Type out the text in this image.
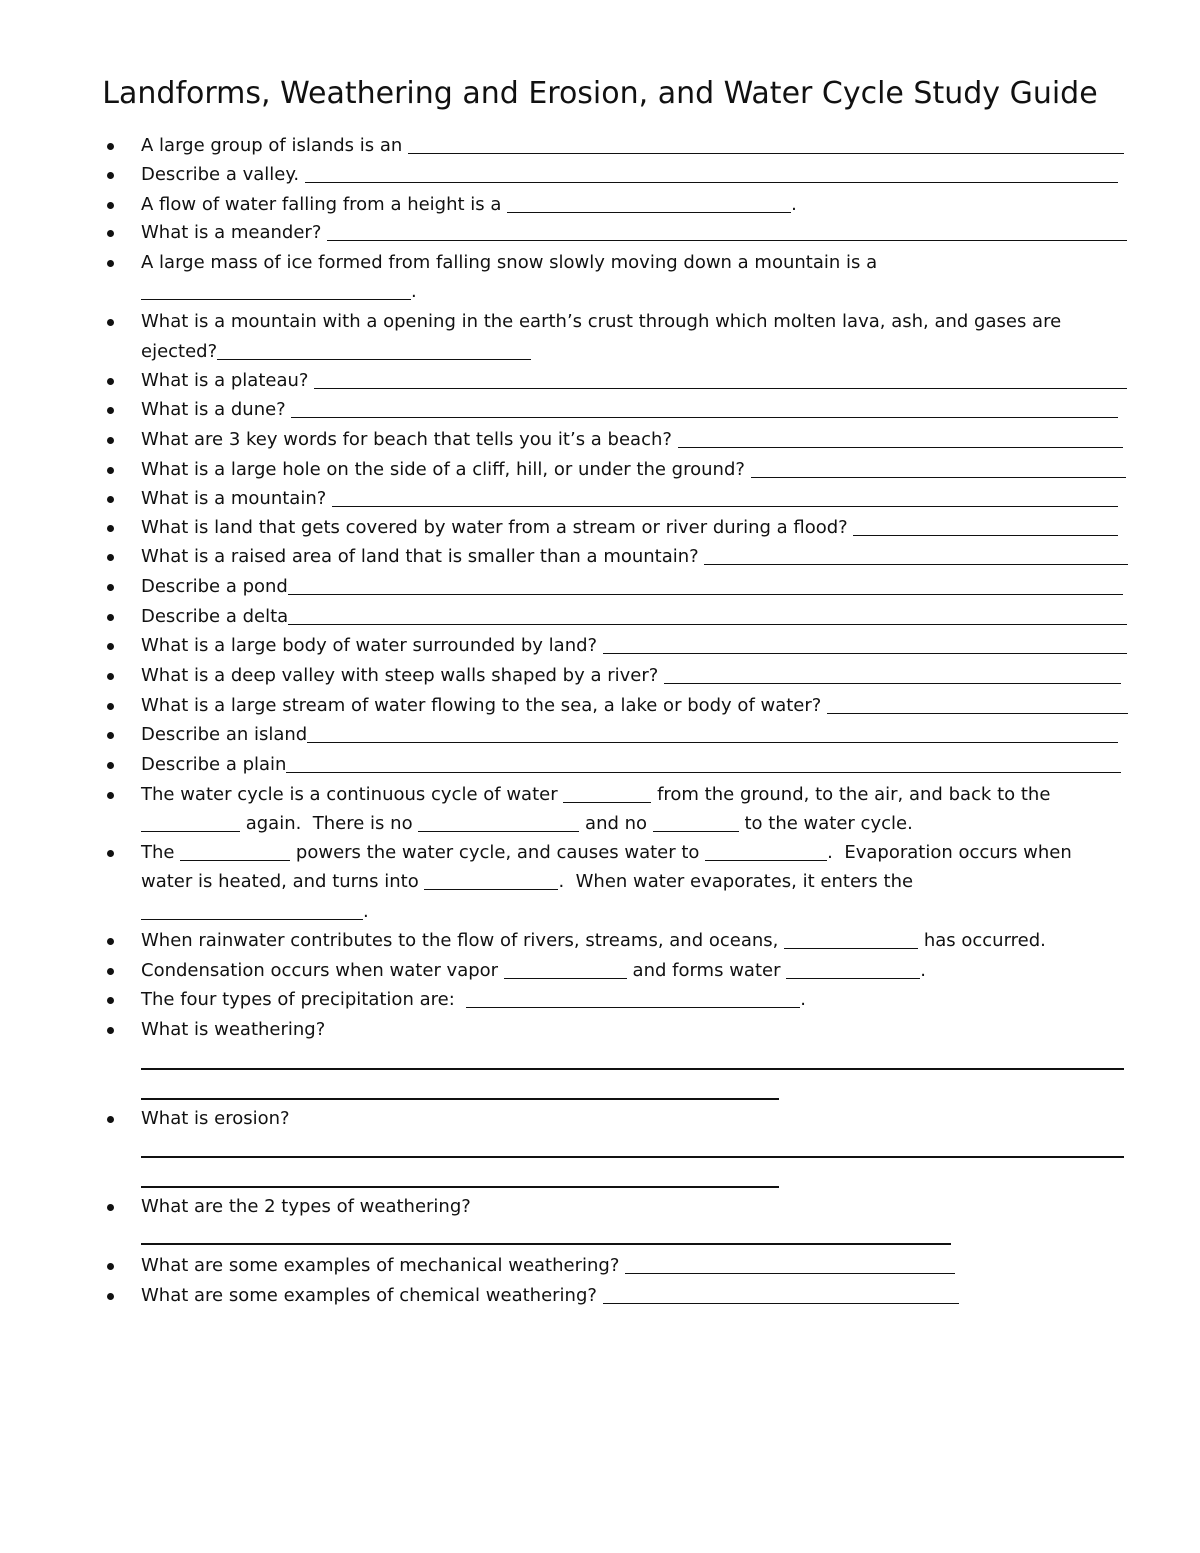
Landforms, Weathering and Erosion, and Water Cycle Study Guide
A large group of islands is an
Describe a valley.
A flow of water falling from a height is a	.
What is a meander?
A large mass of ice formed from falling snow slowly moving down a mountain is a
.
What is a mountain with a opening in the earth’s crust through which molten lava, ash, and gases are
ejected?
What is a plateau?
What is a dune?
What are 3 key words for beach that tells you it’s a beach?
What is a large hole on the side of a cliff, hill, or under the ground?
What is a mountain?
What is land that gets covered by water from a stream or river during a flood?
What is a raised area of land that is smaller than a mountain?
Describe a pond
Describe a delta
What is a large body of water surrounded by land?
What is a deep valley with steep walls shaped by a river?
What is a large stream of water flowing to the sea, a lake or body of water?
Describe an island
Describe a plain
The water cycle is a continuous cycle of water	from the ground, to the air, and back to the
again.  There is no	and no	to the water cycle.
The	powers the water cycle, and causes water to	.  Evaporation occurs when
water is heated, and turns into	.  When water evaporates, it enters the
.
When rainwater contributes to the flow of rivers, streams, and oceans,	has occurred.
Condensation occurs when water vapor	and forms water	.
The four types of precipitation are:	.
What is weathering?
What is erosion?
What are the 2 types of weathering?
What are some examples of mechanical weathering?
What are some examples of chemical weathering?
